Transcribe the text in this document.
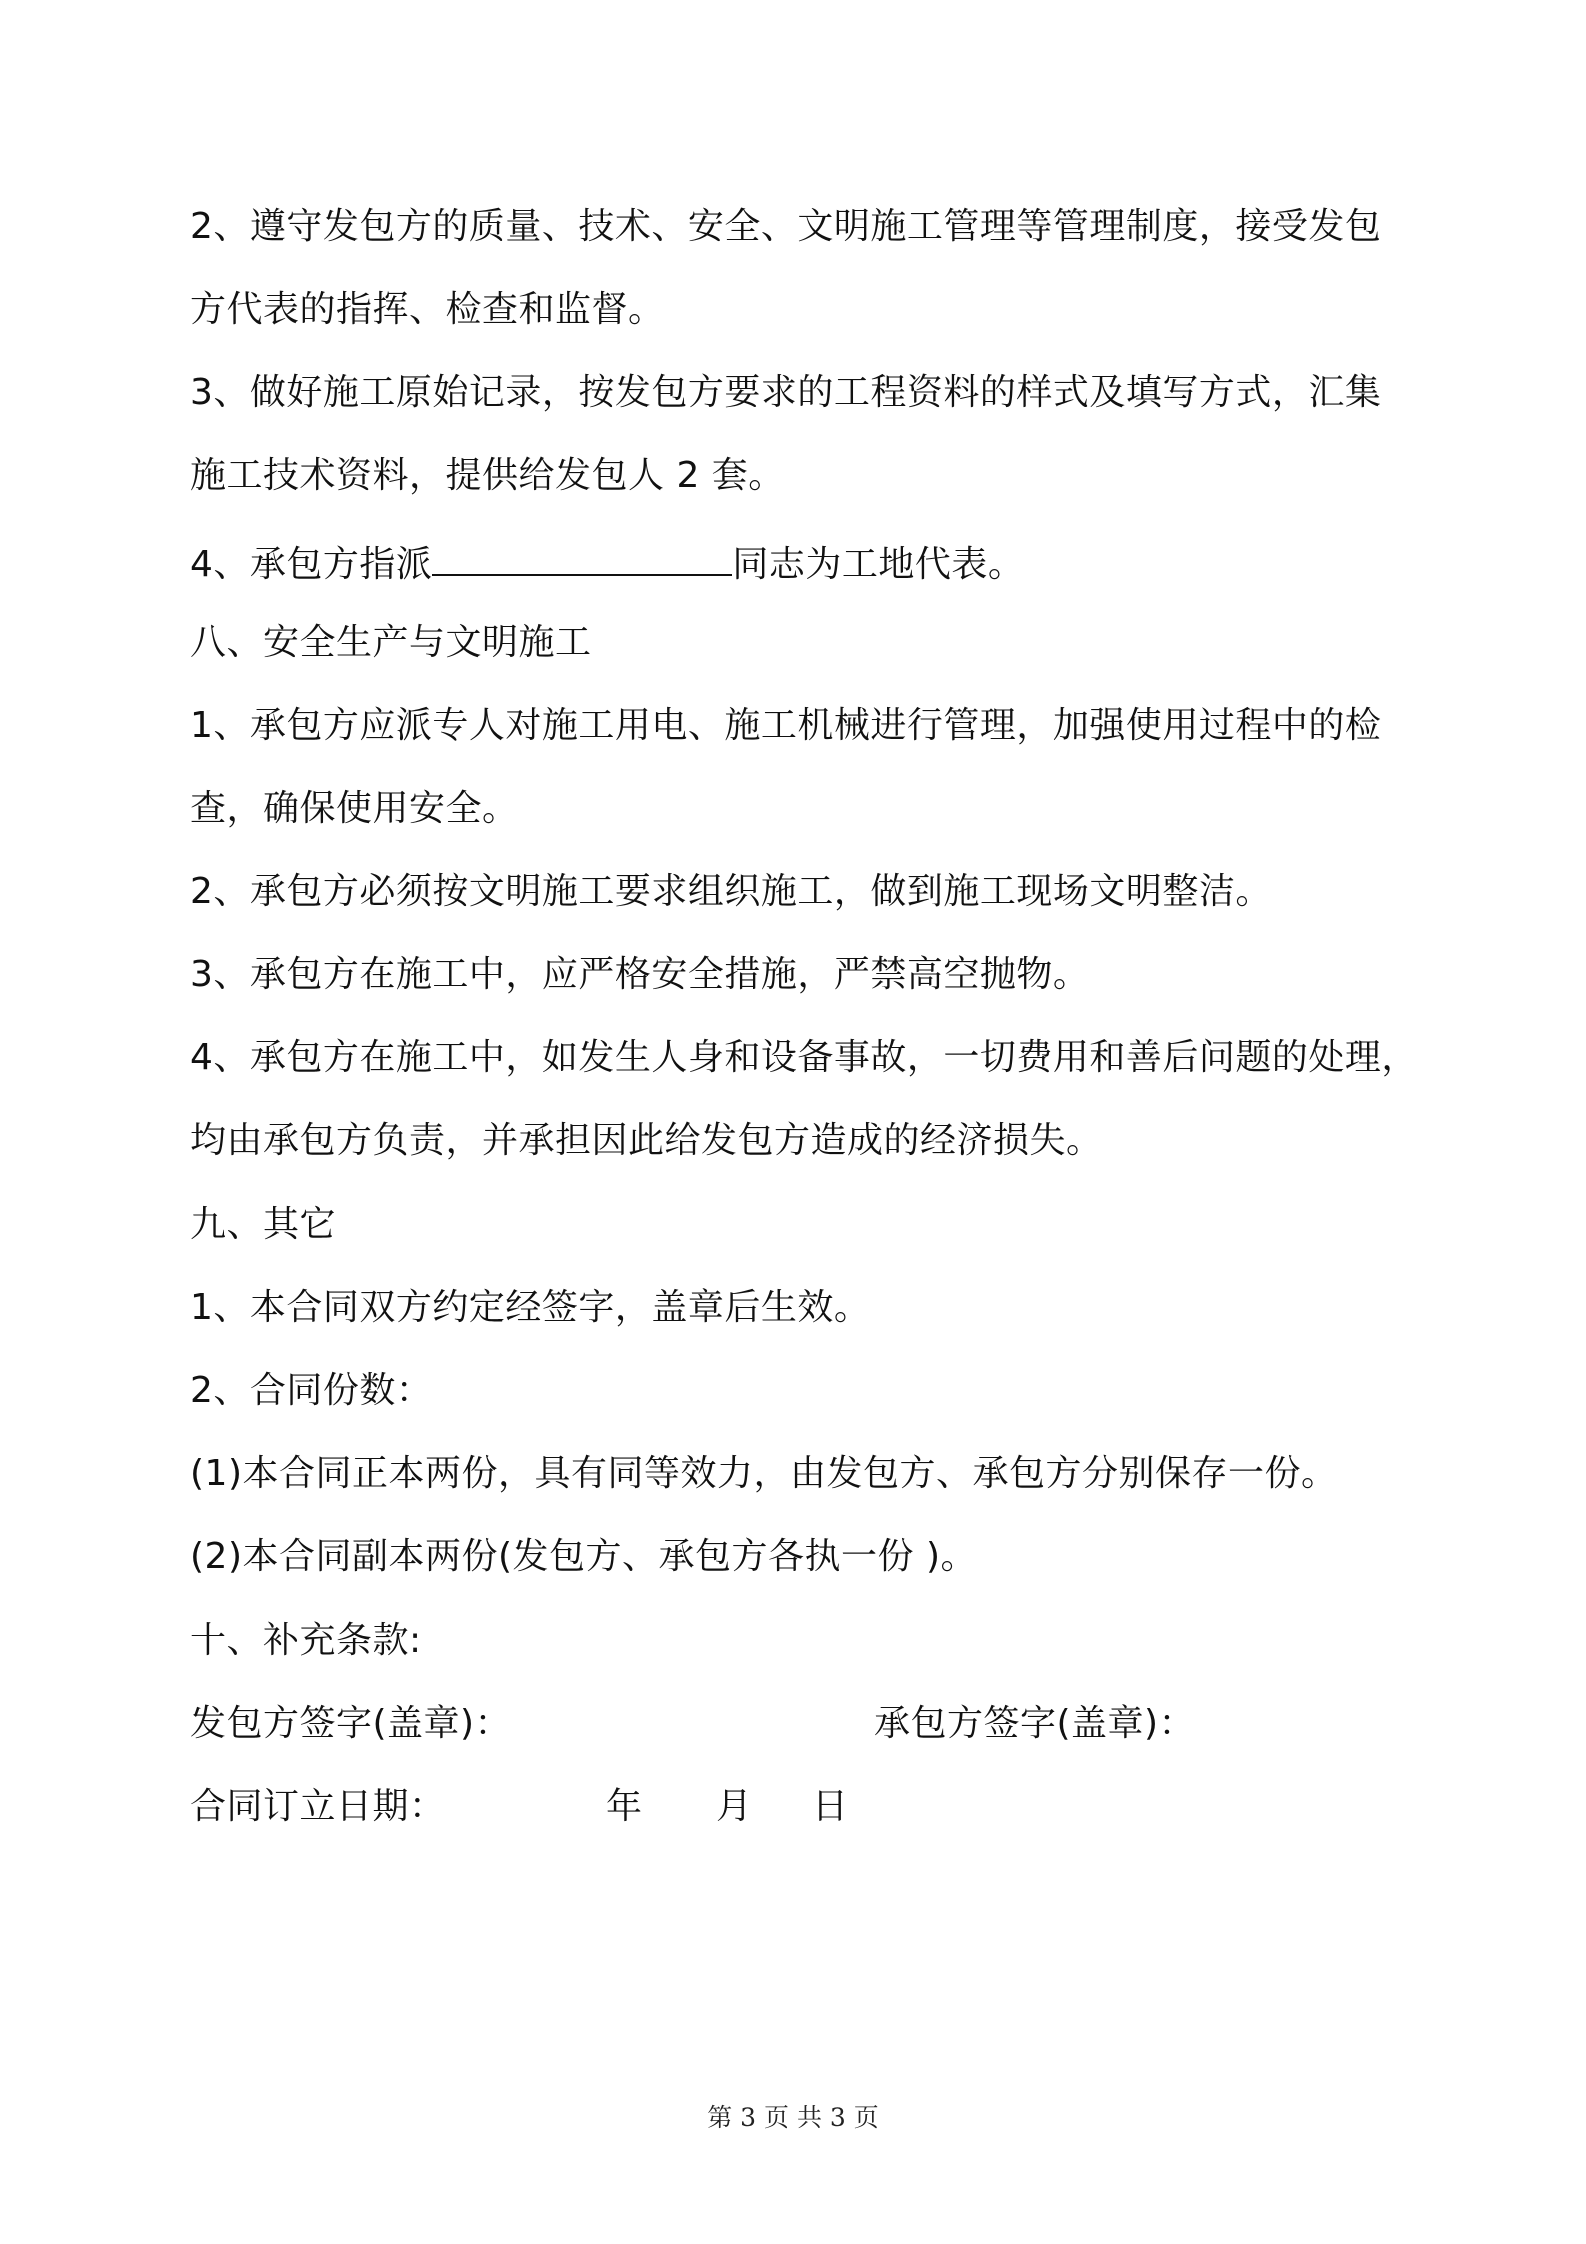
2、遵守发包方的质量、技术、安全、文明施工管理等管理制度，接受发包
方代表的指挥、检查和监督。
3、做好施工原始记录，按发包方要求的工程资料的样式及填写方式，汇集
施工技术资料，提供给发包人 2 套。
4、承包方指派	同志为工地代表。
八、安全生产与文明施工
1、承包方应派专人对施工用电、施工机械进行管理，加强使用过程中的检
查，确保使用安全。
2、承包方必须按文明施工要求组织施工，做到施工现场文明整洁。
3、承包方在施工中，应严格安全措施，严禁高空抛物。
4、承包方在施工中，如发生人身和设备事故，一切费用和善后问题的处理，
均由承包方负责，并承担因此给发包方造成的经济损失。
九、其它
1、本合同双方约定经签字，盖章后生效。
2、合同份数：
(1)本合同正本两份，具有同等效力，由发包方、承包方分别保存一份。
(2)本合同副本两份(发包方、承包方各执一份 )。
十、补充条款:
发包方签字(盖章)：	承包方签字(盖章)：
合同订立日期：	年 月 日
第 3 页 共 3 页
